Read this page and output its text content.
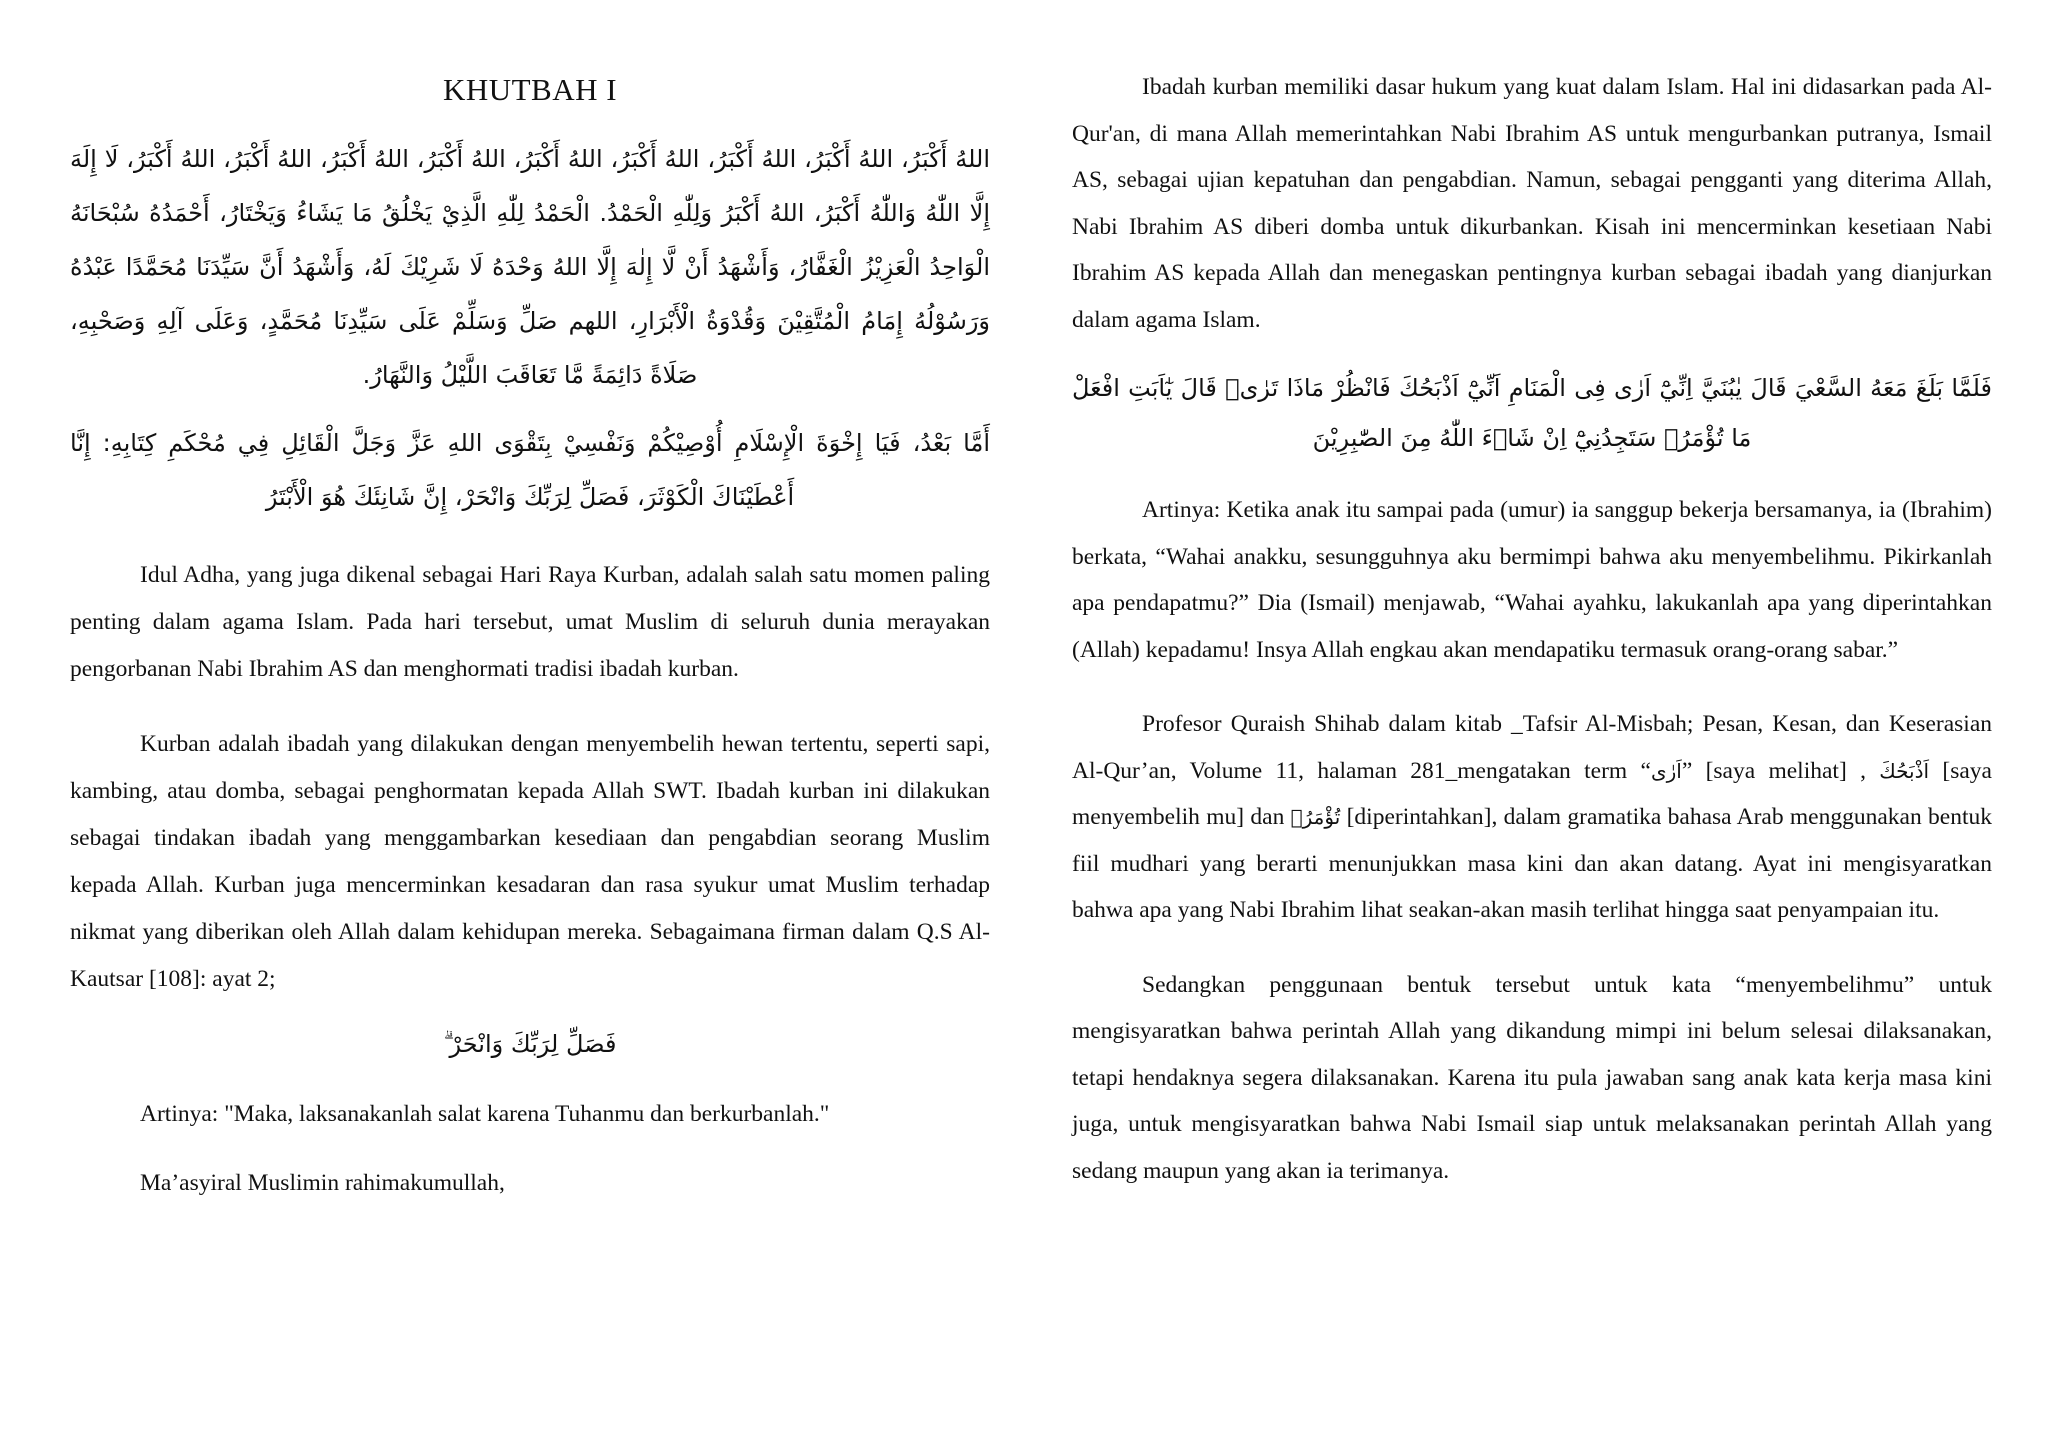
KHUTBAH I

اللهُ أَكْبَرُ، اللهُ أَكْبَرُ، اللهُ أَكْبَرُ، اللهُ أَكْبَرُ، اللهُ أَكْبَرُ، اللهُ أَكْبَرُ، اللهُ أَكْبَرُ، اللهُ أَكْبَرُ، اللهُ أَكْبَرُ، لَا إِلَهَ إِلَّا اللّٰهُ وَاللّٰهُ أَكْبَرُ، اللهُ أَكْبَرُ وَلِلّٰهِ الْحَمْدُ. الْحَمْدُ لِلّٰهِ الَّذِيْ يَخْلُقُ مَا يَشَاءُ وَيَخْتَارُ، أَحْمَدُهُ سُبْحَانَهُ الْوَاحِدُ الْعَزِيْزُ الْغَفَّارُ، وَأَشْهَدُ أَنْ لَّا إِلٰهَ إِلَّا اللهُ وَحْدَهُ لَا شَرِيْكَ لَهُ، وَأَشْهَدُ أَنَّ سَيِّدَنَا مُحَمَّدًا عَبْدُهُ وَرَسُوْلُهُ إِمَامُ الْمُتَّقِيْنَ وَقُدْوَةُ الْأَبْرَارِ، اللهم صَلِّ وَسَلِّمْ عَلَى سَيِّدِنَا مُحَمَّدٍ، وَعَلَى آلِهِ وَصَحْبِهِ، صَلَاةً دَائِمَةً مَّا تَعَاقَبَ اللَّيْلُ وَالنَّهَارُ.

أَمَّا بَعْدُ، فَيَا إِخْوَةَ الْإِسْلَامِ أُوْصِيْكُمْ وَنَفْسِيْ بِتَقْوَى اللهِ عَزَّ وَجَلَّ الْقَائِلِ فِي مُحْكَمِ كِتَابِهِ: إِنَّا أَعْطَيْنَاكَ الْكَوْثَرَ، فَصَلِّ لِرَبِّكَ وَانْحَرْ، إِنَّ شَانِئَكَ هُوَ الْأَبْتَرُ

Idul Adha, yang juga dikenal sebagai Hari Raya Kurban, adalah salah satu momen paling penting dalam agama Islam. Pada hari tersebut, umat Muslim di seluruh dunia merayakan pengorbanan Nabi Ibrahim AS dan menghormati tradisi ibadah kurban.

Kurban adalah ibadah yang dilakukan dengan menyembelih hewan tertentu, seperti sapi, kambing, atau domba, sebagai penghormatan kepada Allah SWT. Ibadah kurban ini dilakukan sebagai tindakan ibadah yang menggambarkan kesediaan dan pengabdian seorang Muslim kepada Allah. Kurban juga mencerminkan kesadaran dan rasa syukur umat Muslim terhadap nikmat yang diberikan oleh Allah dalam kehidupan mereka. Sebagaimana firman dalam Q.S Al-Kautsar [108]: ayat 2;

فَصَلِّ لِرَبِّكَ وَانْحَرْ ۗ

Artinya: "Maka, laksanakanlah salat karena Tuhanmu dan berkurbanlah."

Ma’asyiral Muslimin rahimakumullah,

Ibadah kurban memiliki dasar hukum yang kuat dalam Islam. Hal ini didasarkan pada Al-Qur'an, di mana Allah memerintahkan Nabi Ibrahim AS untuk mengurbankan putranya, Ismail AS, sebagai ujian kepatuhan dan pengabdian. Namun, sebagai pengganti yang diterima Allah, Nabi Ibrahim AS diberi domba untuk dikurbankan. Kisah ini mencerminkan kesetiaan Nabi Ibrahim AS kepada Allah dan menegaskan pentingnya kurban sebagai ibadah yang dianjurkan dalam agama Islam.

فَلَمَّا بَلَغَ مَعَهُ السَّعْيَ قَالَ يٰبُنَيَّ اِنِّيْٓ اَرٰى فِى الْمَنَامِ اَنِّيْٓ اَذْبَحُكَ فَانْظُرْ مَاذَا تَرٰىۗ قَالَ يٰٓاَبَتِ افْعَلْ مَا تُؤْمَرُۖ سَتَجِدُنِيْٓ اِنْ شَاۤءَ اللّٰهُ مِنَ الصّٰبِرِيْنَ

Artinya: Ketika anak itu sampai pada (umur) ia sanggup bekerja bersamanya, ia (Ibrahim) berkata, “Wahai anakku, sesungguhnya aku bermimpi bahwa aku menyembelihmu. Pikirkanlah apa pendapatmu?” Dia (Ismail) menjawab, “Wahai ayahku, lakukanlah apa yang diperintahkan (Allah) kepadamu! Insya Allah engkau akan mendapatiku termasuk orang-orang sabar.”

Profesor Quraish Shihab dalam kitab _Tafsir Al-Misbah; Pesan, Kesan, dan Keserasian Al-Qur’an, Volume 11, halaman 281_mengatakan term “اَرٰى” [saya melihat] , اَذْبَحُكَ [saya menyembelih mu] dan تُؤْمَرُۖ [diperintahkan], dalam gramatika bahasa Arab menggunakan bentuk fiil mudhari yang berarti menunjukkan masa kini dan akan datang. Ayat ini mengisyaratkan bahwa apa yang Nabi Ibrahim lihat seakan-akan masih terlihat hingga saat penyampaian itu.

Sedangkan penggunaan bentuk tersebut untuk kata “menyembelihmu” untuk mengisyaratkan bahwa perintah Allah yang dikandung mimpi ini belum selesai dilaksanakan, tetapi hendaknya segera dilaksanakan. Karena itu pula jawaban sang anak kata kerja masa kini juga, untuk mengisyaratkan bahwa Nabi Ismail siap untuk melaksanakan perintah Allah yang sedang maupun yang akan ia terimanya.
